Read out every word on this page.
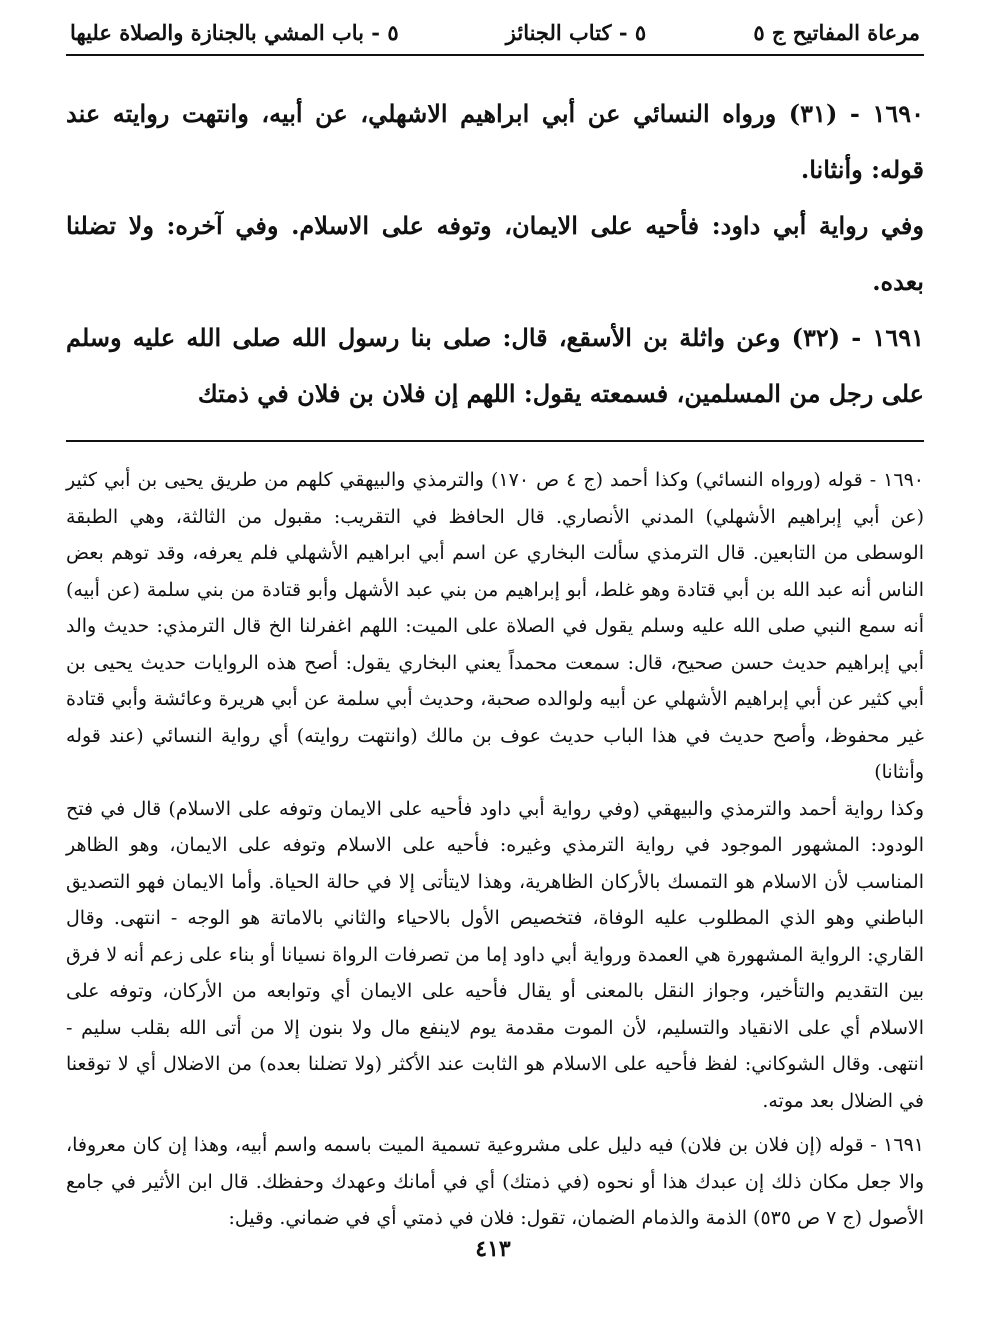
مرعاة المفاتيح ج ٥
٥ - كتاب الجنائز
٥ - باب المشي بالجنازة والصلاة عليها

١٦٩٠ - (٣١) ورواه النسائي عن أبي ابراهيم الاشهلي، عن أبيه، وانتهت روايته عند قوله: وأنثانا.

وفي رواية أبي داود: فأحيه على الايمان، وتوفه على الاسلام. وفي آخره: ولا تضلنا بعده.

١٦٩١ - (٣٢) وعن واثلة بن الأسقع، قال: صلى بنا رسول الله صلى الله عليه وسلم على رجل من المسلمين، فسمعته يقول: اللهم إن فلان بن فلان في ذمتك

١٦٩٠ - قوله (ورواه النسائي) وكذا أحمد (ج ٤ ص ١٧٠) والترمذي والبيهقي كلهم من طريق يحيى بن أبي كثير (عن أبي إبراهيم الأشهلي) المدني الأنصاري. قال الحافظ في التقريب: مقبول من الثالثة، وهي الطبقة الوسطى من التابعين. قال الترمذي سألت البخاري عن اسم أبي ابراهيم الأشهلي فلم يعرفه، وقد توهم بعض الناس أنه عبد الله بن أبي قتادة وهو غلط، أبو إبراهيم من بني عبد الأشهل وأبو قتادة من بني سلمة (عن أبيه) أنه سمع النبي صلى الله عليه وسلم يقول في الصلاة على الميت: اللهم اغفرلنا الخ قال الترمذي: حديث والد أبي إبراهيم حديث حسن صحيح، قال: سمعت محمداً يعني البخاري يقول: أصح هذه الروايات حديث يحيى بن أبي كثير عن أبي إبراهيم الأشهلي عن أبيه ولوالده صحبة، وحديث أبي سلمة عن أبي هريرة وعائشة وأبي قتادة غير محفوظ، وأصح حديث في هذا الباب حديث عوف بن مالك (وانتهت روايته) أي رواية النسائي (عند قوله وأنثانا)

وكذا رواية أحمد والترمذي والبيهقي (وفي رواية أبي داود فأحيه على الايمان وتوفه على الاسلام) قال في فتح الودود: المشهور الموجود في رواية الترمذي وغيره: فأحيه على الاسلام وتوفه على الايمان، وهو الظاهر المناسب لأن الاسلام هو التمسك بالأركان الظاهرية، وهذا لايتأتى إلا في حالة الحياة. وأما الايمان فهو التصديق الباطني وهو الذي المطلوب عليه الوفاة، فتخصيص الأول بالاحياء والثاني بالاماتة هو الوجه - انتهى. وقال القاري: الرواية المشهورة هي العمدة ورواية أبي داود إما من تصرفات الرواة نسيانا أو بناء على زعم أنه لا فرق بين التقديم والتأخير، وجواز النقل بالمعنى أو يقال فأحيه على الايمان أي وتوابعه من الأركان، وتوفه على الاسلام أي على الانقياد والتسليم، لأن الموت مقدمة يوم لاينفع مال ولا بنون إلا من أتى الله بقلب سليم - انتهى. وقال الشوكاني: لفظ فأحيه على الاسلام هو الثابت عند الأكثر (ولا تضلنا بعده) من الاضلال أي لا توقعنا في الضلال بعد موته.

١٦٩١ - قوله (إن فلان بن فلان) فيه دليل على مشروعية تسمية الميت باسمه واسم أبيه، وهذا إن كان معروفا، والا جعل مكان ذلك إن عبدك هذا أو نحوه (في ذمتك) أي في أمانك وعهدك وحفظك. قال ابن الأثير في جامع الأصول (ج ٧ ص ٥٣٥) الذمة والذمام الضمان، تقول: فلان في ذمتي أي في ضماني. وقيل:

٤١٣
